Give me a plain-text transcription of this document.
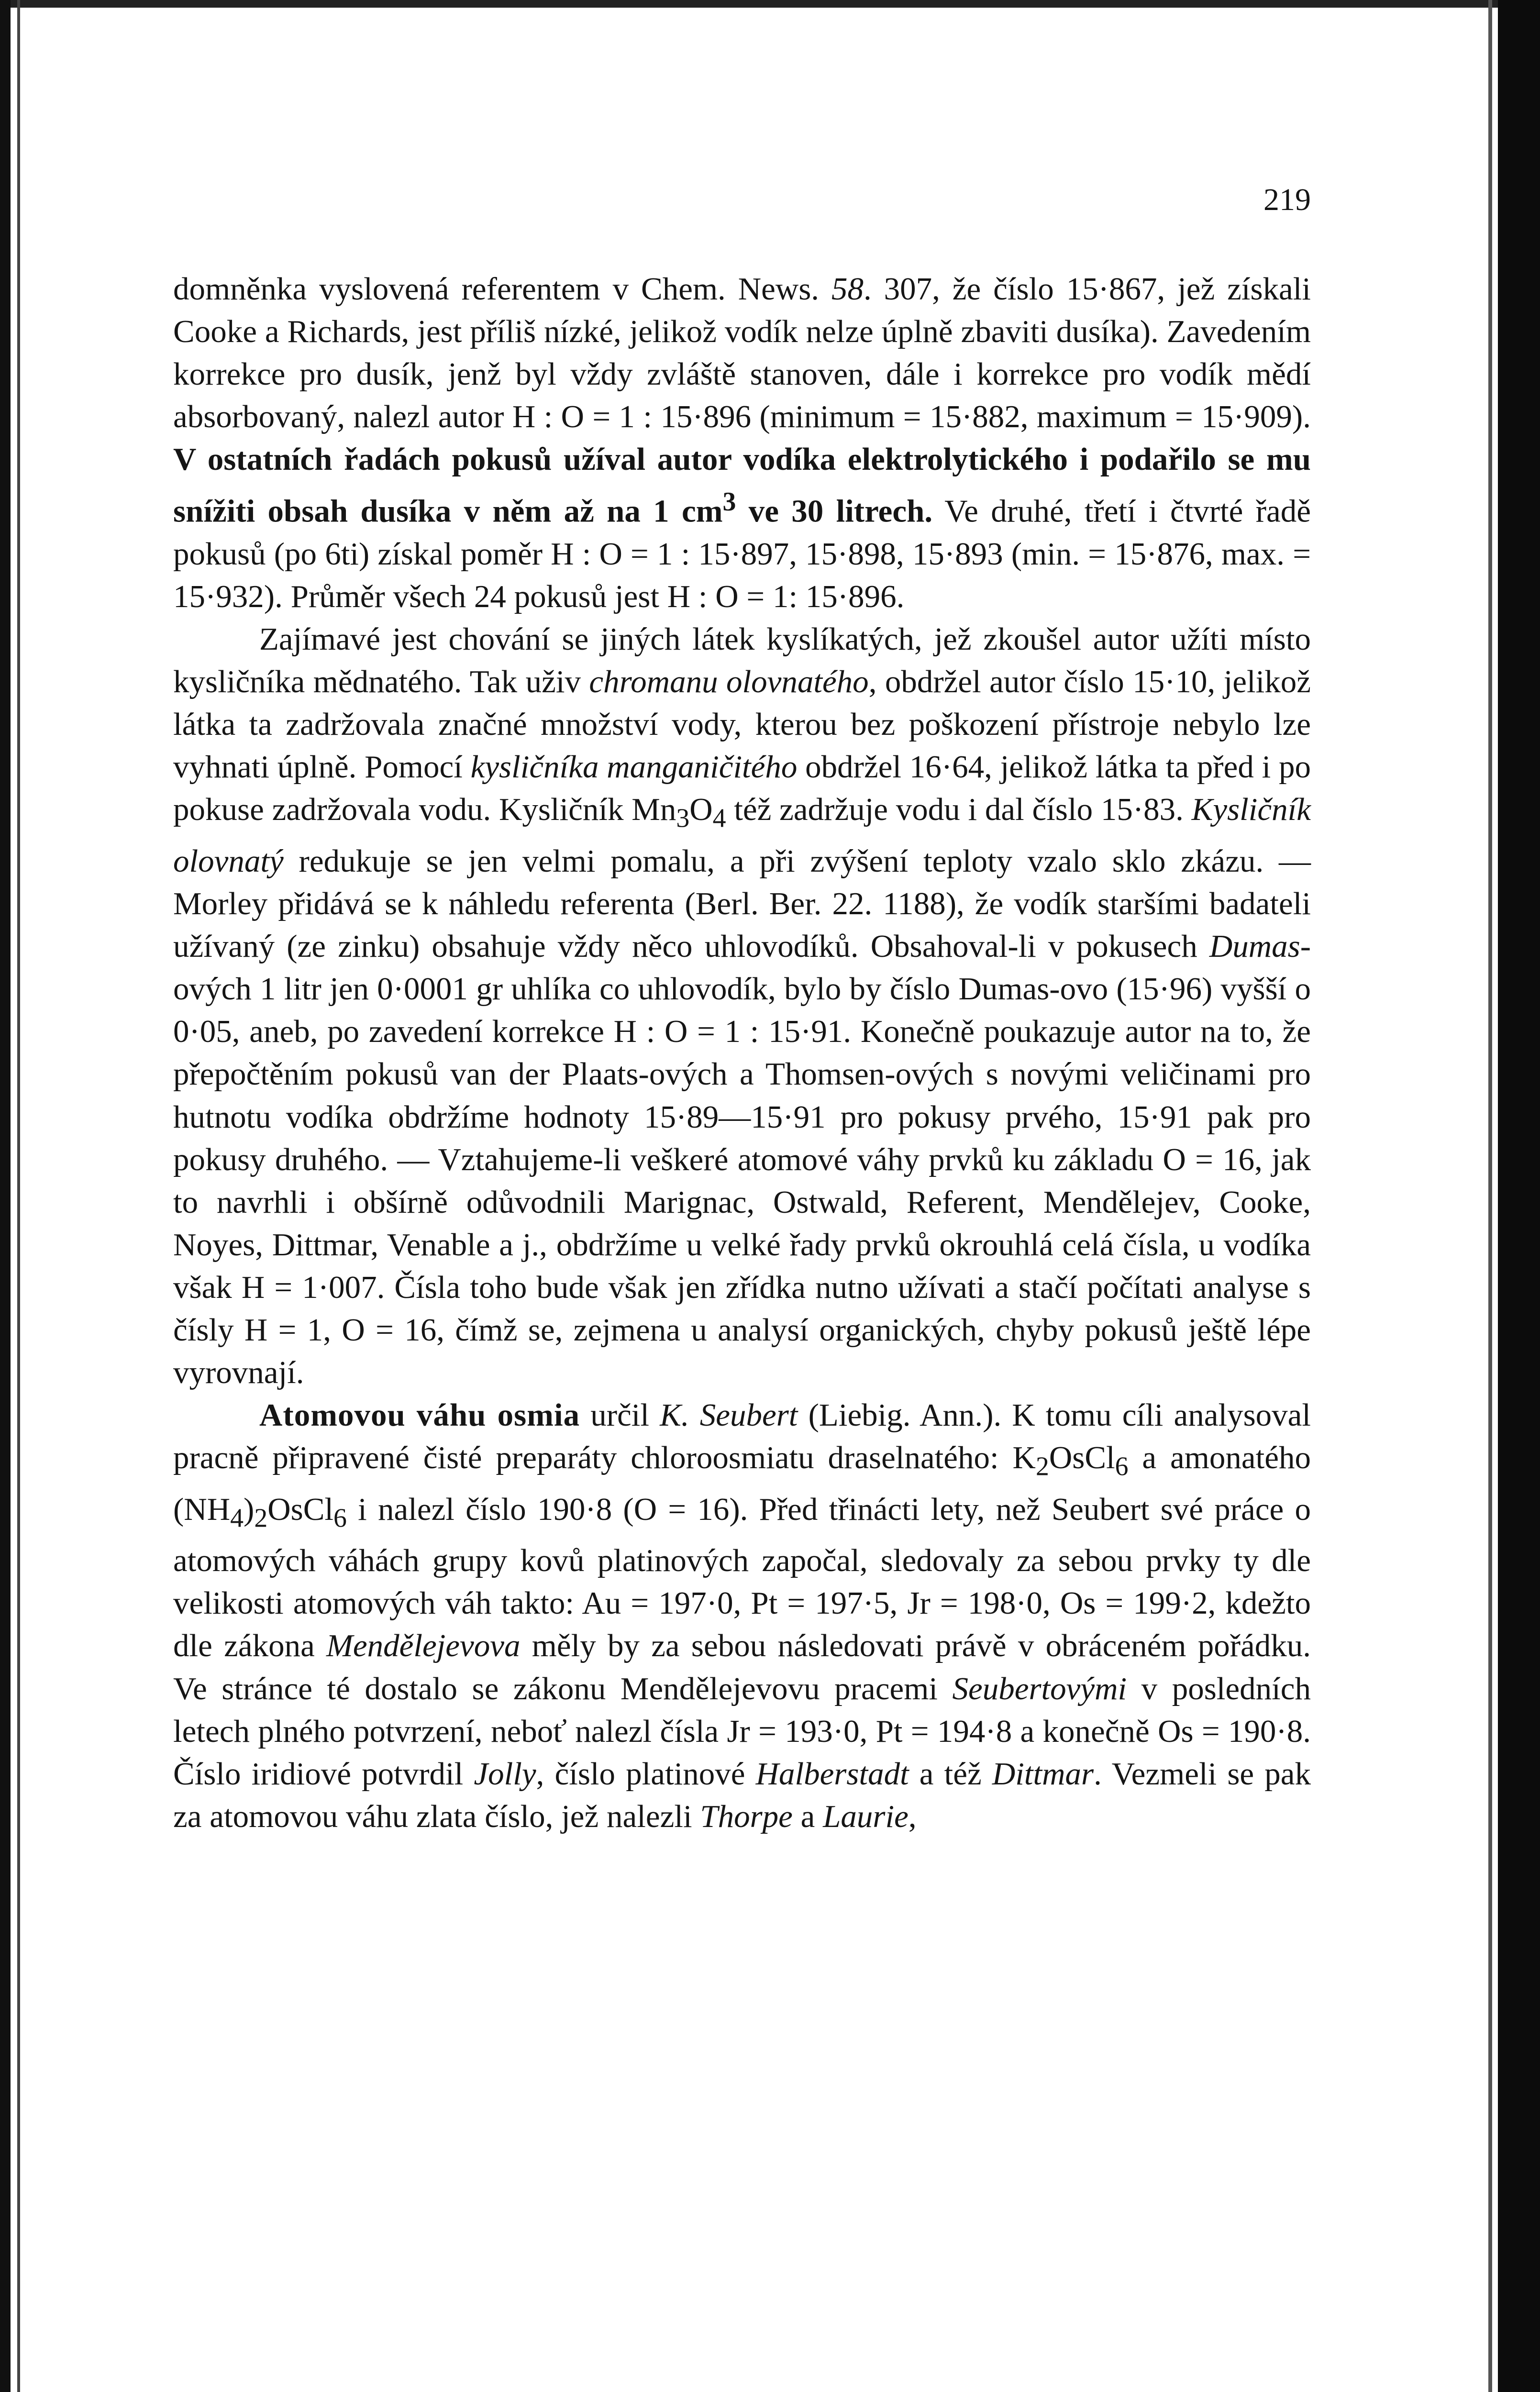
219

domněnka vyslovená referentem v Chem. News. 58. 307, že číslo 15·867, jež získali Cooke a Richards, jest příliš nízké, jelikož vodík nelze úplně zbaviti dusíka). Zavedením korrekce pro dusík, jenž byl vždy zvláště stanoven, dále i korrekce pro vodík mědí absorbovaný, nalezl autor H : O = 1 : 15·896 (minimum = 15·882, maximum = 15·909). V ostatních řadách pokusů užíval autor vodíka elektrolytického i podařilo se mu snížiti obsah dusíka v něm až na 1 $cm^3$ ve 30 litrech. Ve druhé, třetí i čtvrté řadě pokusů (po 6ti) získal poměr H : O = 1 : 15·897, 15·898, 15·893 (min. = 15·876, max. = 15·932). Průměr všech 24 pokusů jest H : O = 1: 15·896.

Zajímavé jest chování se jiných látek kyslíkatých, jež zkoušel autor užíti místo kysličníka mědnatého. Tak uživ chromanu olovnatého, obdržel autor číslo 15·10, jelikož látka ta zadržovala značné množství vody, kterou bez poškození přístroje nebylo lze vyhnati úplně. Pomocí kysličníka manganičitého obdržel 16·64, jelikož látka ta před i po pokuse zadržovala vodu. Kysličník $Mn_3O_4$ též zadržuje vodu i dal číslo 15·83. Kysličník olovnatý redukuje se jen velmi pomalu, a při zvýšení teploty vzalo sklo zkázu. — Morley přidává se k náhledu referenta (Berl. Ber. 22. 1188), že vodík staršími badateli užívaný (ze zinku) obsahuje vždy něco uhlovodíků. Obsahoval-li v pokusech Dumas-ových 1 litr jen 0·0001 gr uhlíka co uhlovodík, bylo by číslo Dumas-ovo (15·96) vyšší o 0·05, aneb, po zavedení korrekce H : O = 1 : 15·91. Konečně poukazuje autor na to, že přepočtěním pokusů van der Plaats-ových a Thomsen-ových s novými veličinami pro hutnotu vodíka obdržíme hodnoty 15·89—15·91 pro pokusy prvého, 15·91 pak pro pokusy druhého. — Vztahujeme-li veškeré atomové váhy prvků ku základu O = 16, jak to navrhli i obšírně odůvodnili Marignac, Ostwald, Referent, Mendělejev, Cooke, Noyes, Dittmar, Venable a j., obdržíme u velké řady prvků okrouhlá celá čísla, u vodíka však H = 1·007. Čísla toho bude však jen zřídka nutno užívati a stačí počítati analyse s čísly H = 1, O = 16, čímž se, zejmena u analysí organických, chyby pokusů ještě lépe vyrovnají.

Atomovou váhu osmia určil K. Seubert (Liebig. Ann.). K tomu cíli analysoval pracně připravené čisté preparáty chloroosmiatu draselnatého: $K_2OsCl_6$ a amonatého $(NH_4)_2OsCl_6$ i nalezl číslo 190·8 (O = 16). Před třinácti lety, než Seubert své práce o atomových váhách grupy kovů platinových započal, sledovaly za sebou prvky ty dle velikosti atomových váh takto: Au = 197·0, Pt = 197·5, Jr = 198·0, Os = 199·2, kdežto dle zákona Mendělejevova měly by za sebou následovati právě v obráceném pořádku. Ve stránce té dostalo se zákonu Mendělejevovu pracemi Seubertovými v posledních letech plného potvrzení, neboť nalezl čísla Jr = 193·0, Pt = 194·8 a konečně Os = 190·8. Číslo iridiové potvrdil Jolly, číslo platinové Halberstadt a též Dittmar. Vezmeli se pak za atomovou váhu zlata číslo, jež nalezli Thorpe a Laurie,
